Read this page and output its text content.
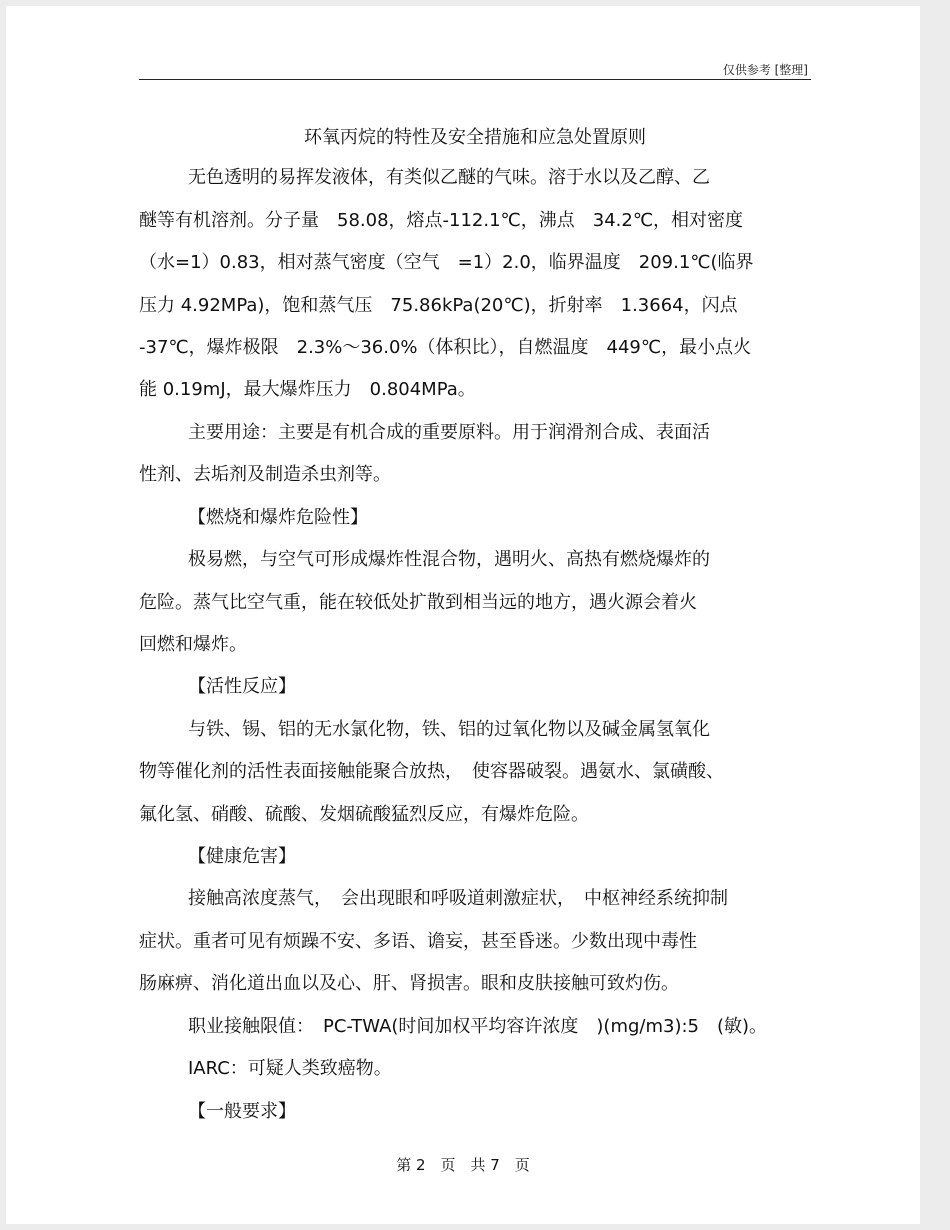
仅供参考 [整理]
环氧丙烷的特性及安全措施和应急处置原则
无色透明的易挥发液体，有类似乙醚的气味。溶于水以及乙醇、乙
醚等有机溶剂。分子量　58.08，熔点-112.1℃，沸点　34.2℃，相对密度
（水=1）0.83，相对蒸气密度（空气　=1）2.0，临界温度　209.1℃(临界
压力 4.92MPa)，饱和蒸气压　75.86kPa(20℃)，折射率　1.3664，闪点
-37℃，爆炸极限　2.3%～36.0%（体积比），自燃温度　449℃，最小点火
能 0.19mJ，最大爆炸压力　0.804MPa。
主要用途：主要是有机合成的重要原料。用于润滑剂合成、表面活
性剂、去垢剂及制造杀虫剂等。
【燃烧和爆炸危险性】
极易燃，与空气可形成爆炸性混合物，遇明火、高热有燃烧爆炸的
危险。蒸气比空气重，能在较低处扩散到相当远的地方，遇火源会着火
回燃和爆炸。
【活性反应】
与铁、锡、铝的无水氯化物，铁、铝的过氧化物以及碱金属氢氧化
物等催化剂的活性表面接触能聚合放热，　使容器破裂。遇氨水、氯磺酸、
氟化氢、硝酸、硫酸、发烟硫酸猛烈反应，有爆炸危险。
【健康危害】
接触高浓度蒸气，　会出现眼和呼吸道刺激症状，　中枢神经系统抑制
症状。重者可见有烦躁不安、多语、谵妄，甚至昏迷。少数出现中毒性
肠麻痹、消化道出血以及心、肝、肾损害。眼和皮肤接触可致灼伤。
职业接触限值：　PC-TWA(时间加权平均容许浓度　)(mg/m3):5　(敏)。
IARC：可疑人类致癌物。
【一般要求】
第 2　页　共 7　页
